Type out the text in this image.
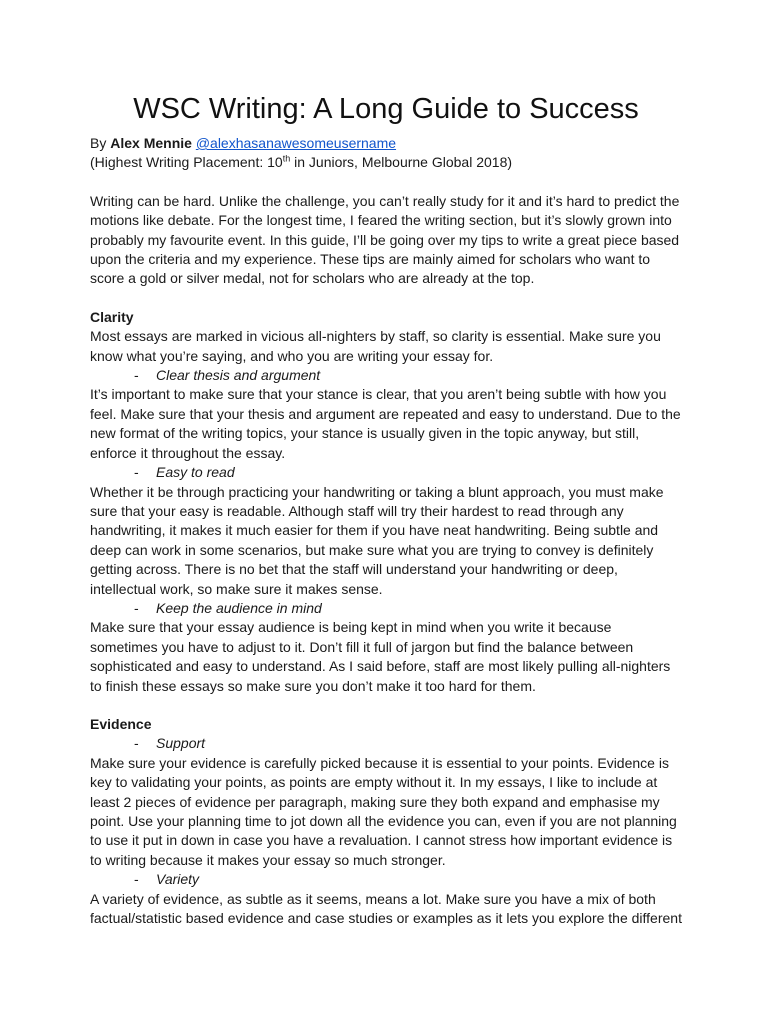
WSC Writing: A Long Guide to Success

By Alex Mennie @alexhasanawesomeusername

(Highest Writing Placement: 10th in Juniors, Melbourne Global 2018)

Writing can be hard. Unlike the challenge, you can’t really study for it and it’s hard to predict the motions like debate. For the longest time, I feared the writing section, but it’s slowly grown into probably my favourite event. In this guide, I’ll be going over my tips to write a great piece based upon the criteria and my experience. These tips are mainly aimed for scholars who want to score a gold or silver medal, not for scholars who are already at the top.

Clarity

Most essays are marked in vicious all-nighters by staff, so clarity is essential. Make sure you know what you’re saying, and who you are writing your essay for.

- Clear thesis and argument

It’s important to make sure that your stance is clear, that you aren’t being subtle with how you feel. Make sure that your thesis and argument are repeated and easy to understand. Due to the new format of the writing topics, your stance is usually given in the topic anyway, but still, enforce it throughout the essay.

- Easy to read

Whether it be through practicing your handwriting or taking a blunt approach, you must make sure that your easy is readable. Although staff will try their hardest to read through any handwriting, it makes it much easier for them if you have neat handwriting. Being subtle and deep can work in some scenarios, but make sure what you are trying to convey is definitely getting across. There is no bet that the staff will understand your handwriting or deep, intellectual work, so make sure it makes sense.

- Keep the audience in mind

Make sure that your essay audience is being kept in mind when you write it because sometimes you have to adjust to it. Don’t fill it full of jargon but find the balance between sophisticated and easy to understand. As I said before, staff are most likely pulling all-nighters to finish these essays so make sure you don’t make it too hard for them.

Evidence

- Support

Make sure your evidence is carefully picked because it is essential to your points. Evidence is key to validating your points, as points are empty without it. In my essays, I like to include at least 2 pieces of evidence per paragraph, making sure they both expand and emphasise my point. Use your planning time to jot down all the evidence you can, even if you are not planning to use it put in down in case you have a revaluation. I cannot stress how important evidence is to writing because it makes your essay so much stronger.

- Variety

A variety of evidence, as subtle as it seems, means a lot. Make sure you have a mix of both factual/statistic based evidence and case studies or examples as it lets you explore the different
